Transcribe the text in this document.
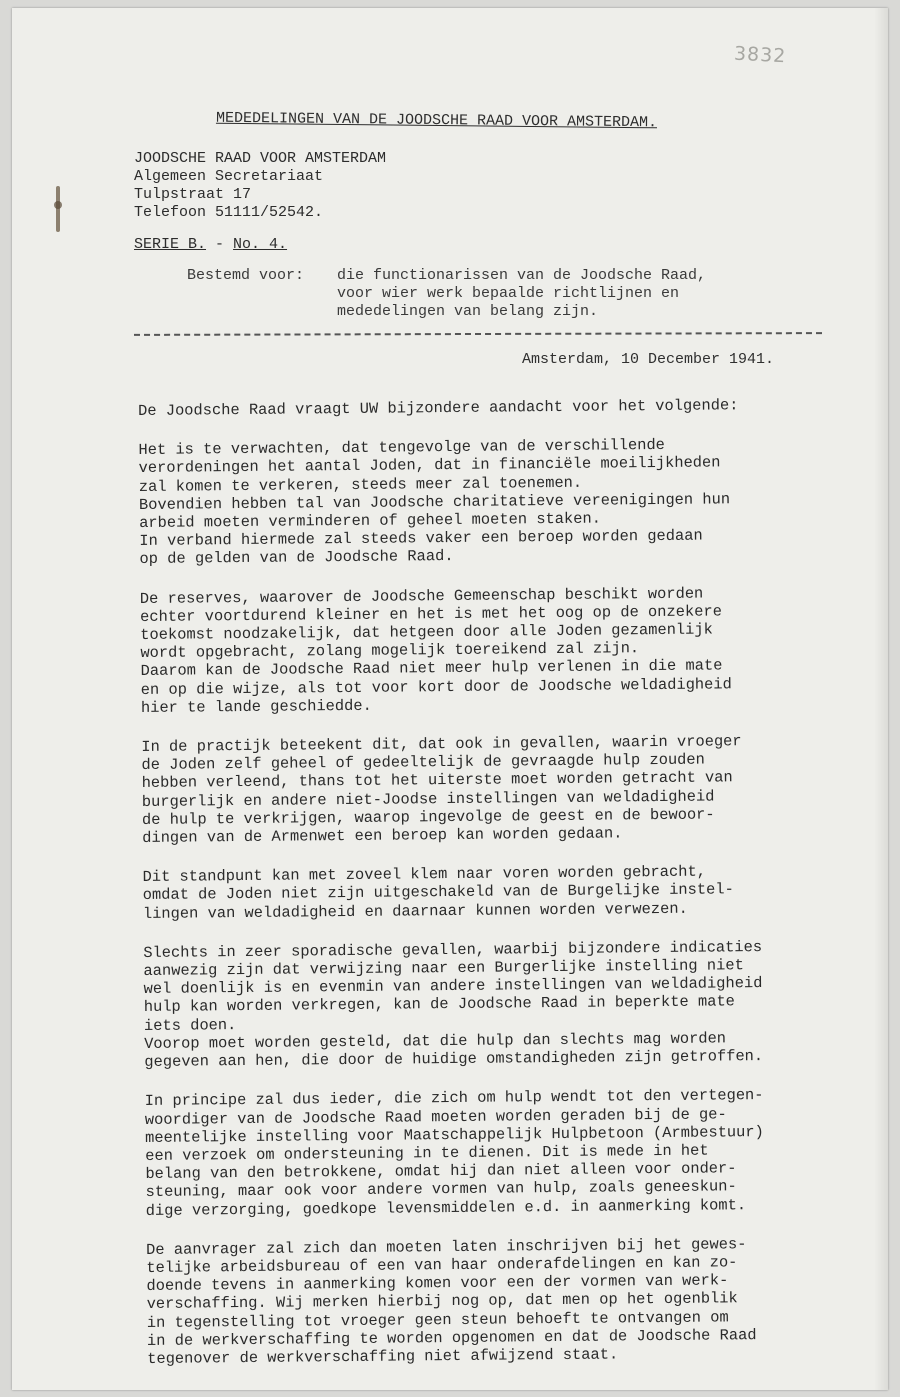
3832
MEDEDELINGEN VAN DE JOODSCHE RAAD VOOR AMSTERDAM.
JOODSCHE RAAD VOOR AMSTERDAM
Algemeen Secretariaat
Tulpstraat 17
Telefoon 51111/52542.
SERIE B. - No. 4.
Bestemd voor:	die functionarissen van de Joodsche Raad,
voor wier werk bepaalde richtlijnen en
mededelingen van belang zijn.
Amsterdam, 10 December 1941.
De Joodsche Raad vraagt UW bijzondere aandacht voor het volgende:
Het is te verwachten, dat tengevolge van de verschillende
verordeningen het aantal Joden, dat in financiële moeilijkheden
zal komen te verkeren, steeds meer zal toenemen.
Bovendien hebben tal van Joodsche charitatieve vereenigingen hun
arbeid moeten verminderen of geheel moeten staken.
In verband hiermede zal steeds vaker een beroep worden gedaan
op de gelden van de Joodsche Raad.
De reserves, waarover de Joodsche Gemeenschap beschikt worden
echter voortdurend kleiner en het is met het oog op de onzekere
toekomst noodzakelijk, dat hetgeen door alle Joden gezamenlijk
wordt opgebracht, zolang mogelijk toereikend zal zijn.
Daarom kan de Joodsche Raad niet meer hulp verlenen in die mate
en op die wijze, als tot voor kort door de Joodsche weldadigheid
hier te lande geschiedde.
In de practijk beteekent dit, dat ook in gevallen, waarin vroeger
de Joden zelf geheel of gedeeltelijk de gevraagde hulp zouden
hebben verleend, thans tot het uiterste moet worden getracht van
burgerlijk en andere niet-Joodse instellingen van weldadigheid
de hulp te verkrijgen, waarop ingevolge de geest en de bewoor-
dingen van de Armenwet een beroep kan worden gedaan.
Dit standpunt kan met zoveel klem naar voren worden gebracht,
omdat de Joden niet zijn uitgeschakeld van de Burgelijke instel-
lingen van weldadigheid en daarnaar kunnen worden verwezen.
Slechts in zeer sporadische gevallen, waarbij bijzondere indicaties
aanwezig zijn dat verwijzing naar een Burgerlijke instelling niet
wel doenlijk is en evenmin van andere instellingen van weldadigheid
hulp kan worden verkregen, kan de Joodsche Raad in beperkte mate
iets doen.
Voorop moet worden gesteld, dat die hulp dan slechts mag worden
gegeven aan hen, die door de huidige omstandigheden zijn getroffen.
In principe zal dus ieder, die zich om hulp wendt tot den vertegen-
woordiger van de Joodsche Raad moeten worden geraden bij de ge-
meentelijke instelling voor Maatschappelijk Hulpbetoon (Armbestuur)
een verzoek om ondersteuning in te dienen. Dit is mede in het
belang van den betrokkene, omdat hij dan niet alleen voor onder-
steuning, maar ook voor andere vormen van hulp, zoals geneeskun-
dige verzorging, goedkope levensmiddelen e.d. in aanmerking komt.
De aanvrager zal zich dan moeten laten inschrijven bij het gewes-
telijke arbeidsbureau of een van haar onderafdelingen en kan zo-
doende tevens in aanmerking komen voor een der vormen van werk-
verschaffing. Wij merken hierbij nog op, dat men op het ogenblik
in tegenstelling tot vroeger geen steun behoeft te ontvangen om
in de werkverschaffing te worden opgenomen en dat de Joodsche Raad
tegenover de werkverschaffing niet afwijzend staat.
